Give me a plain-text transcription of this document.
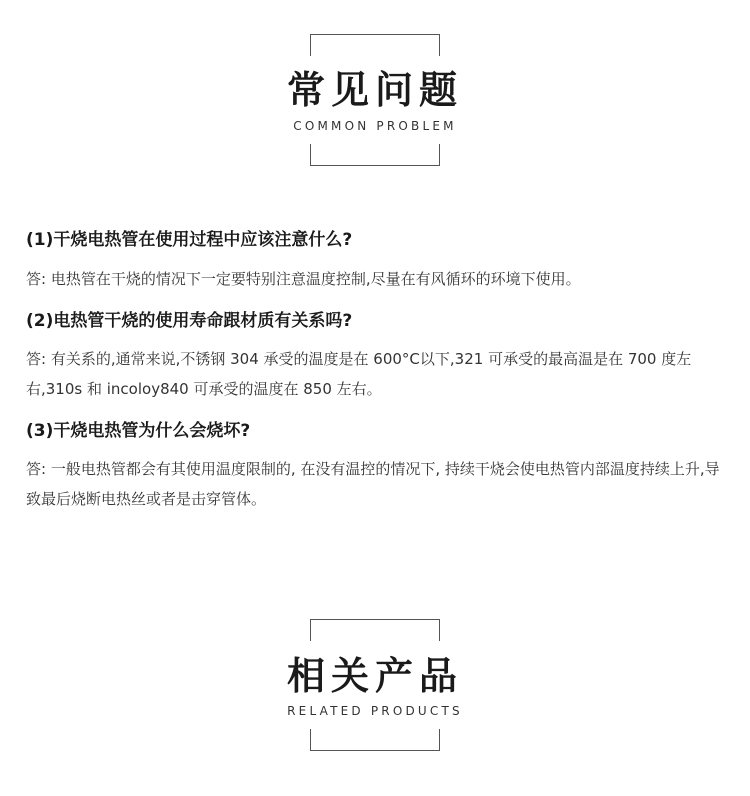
常见问题
COMMON PROBLEM
(1)干烧电热管在使用过程中应该注意什么?
答: 电热管在干烧的情况下一定要特别注意温度控制,尽量在有风循环的环境下使用。
(2)电热管干烧的使用寿命跟材质有关系吗?
答: 有关系的,通常来说,不锈钢 304 承受的温度是在 600°C以下,321 可承受的最高温是在 700 度左右,310s 和 incoloy840 可承受的温度在 850 左右。
(3)干烧电热管为什么会烧坏?
答: 一般电热管都会有其使用温度限制的, 在没有温控的情况下, 持续干烧会使电热管内部温度持续上升,导致最后烧断电热丝或者是击穿管体。
相关产品
RELATED PRODUCTS
